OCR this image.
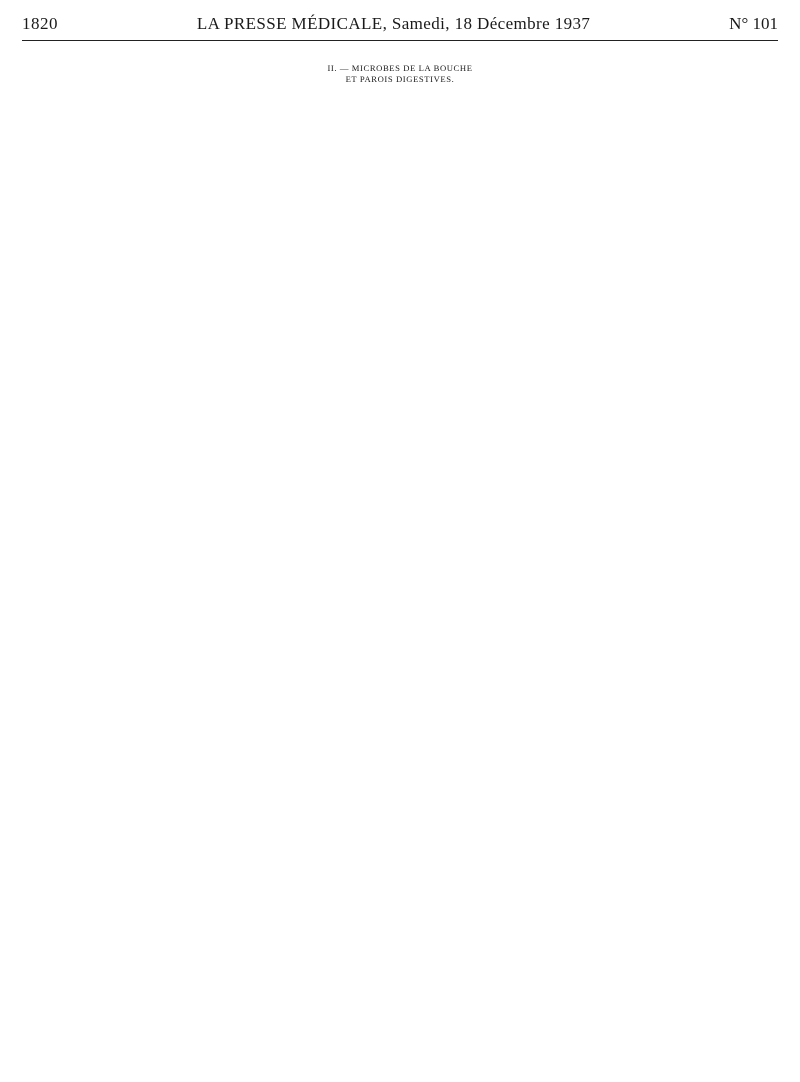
1820	LA PRESSE MÉDICALE, Samedi, 18 Décembre 1937	N° 101

II. — MICROBES DE LA BOUCHE
ET PAROIS DIGESTIVES.
